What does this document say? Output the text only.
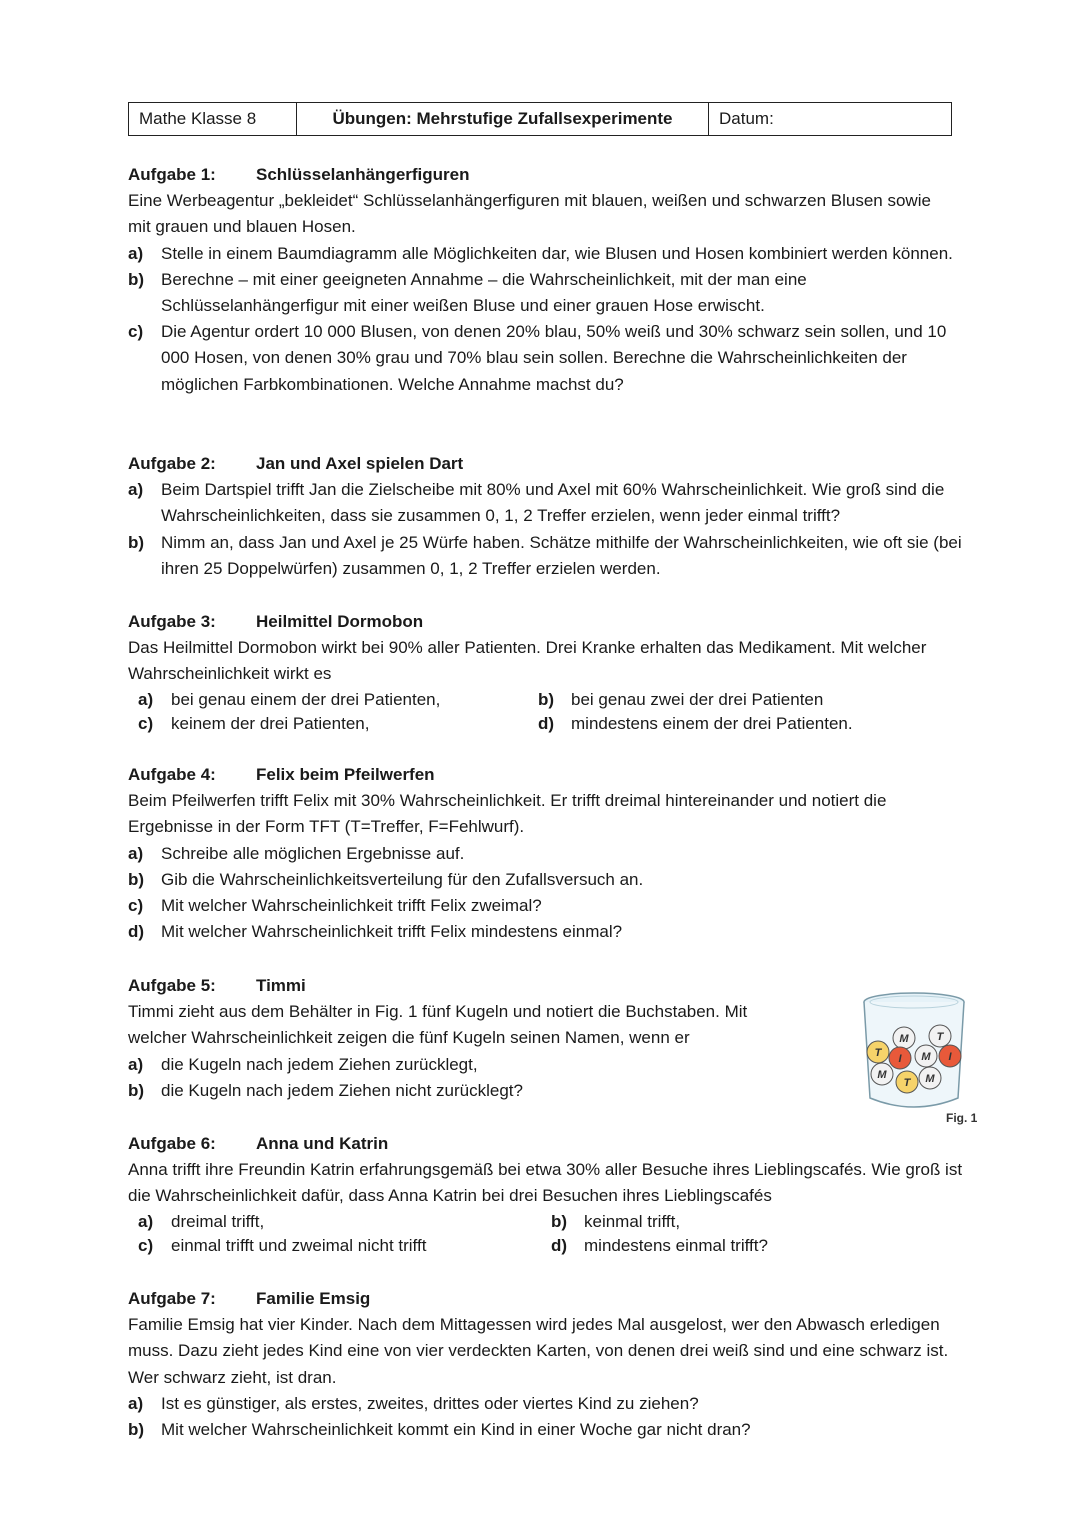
Mathe Klasse 8	Übungen: Mehrstufige Zufallsexperimente	Datum:
Aufgabe 1: Schlüsselanhängerfiguren
Eine Werbeagentur „bekleidet“ Schlüsselanhängerfiguren mit blauen, weißen und schwarzen Blusen sowie mit grauen und blauen Hosen.
a)	Stelle in einem Baumdiagramm alle Möglichkeiten dar, wie Blusen und Hosen kombiniert werden können.
b) Berechne – mit einer geeigneten Annahme – die Wahrscheinlichkeit, mit der man eine Schlüsselanhängerfigur mit einer weißen Bluse und einer grauen Hose erwischt.
c)	Die Agentur ordert 10 000 Blusen, von denen 20% blau, 50% weiß und 30% schwarz sein sollen, und 10 000 Hosen, von denen 30% grau und 70% blau sein sollen. Berechne die Wahrscheinlichkeiten der möglichen Farbkombinationen. Welche Annahme machst du?
Aufgabe 2: Jan und Axel spielen Dart
a)	Beim Dartspiel trifft Jan die Zielscheibe mit 80% und Axel mit 60% Wahrscheinlichkeit. Wie groß sind die Wahrscheinlichkeiten, dass sie zusammen 0, 1, 2 Treffer erzielen, wenn jeder einmal trifft?
b) Nimm an, dass Jan und Axel je 25 Würfe haben. Schätze mithilfe der Wahrscheinlichkeiten, wie oft sie (bei ihren 25 Doppelwürfen) zusammen 0, 1, 2 Treffer erzielen werden.
Aufgabe 3: Heilmittel Dormobon
Das Heilmittel Dormobon wirkt bei 90% aller Patienten. Drei Kranke erhalten das Medikament. Mit welcher Wahrscheinlichkeit wirkt es
a)	bei genau einem der drei Patienten,	b) bei genau zwei der drei Patienten
c)	keinem der drei Patienten,	d) mindestens einem der drei Patienten.
Aufgabe 4: Felix beim Pfeilwerfen
Beim Pfeilwerfen trifft Felix mit 30% Wahrscheinlichkeit. Er trifft dreimal hintereinander und notiert die Ergebnisse in der Form TFT (T=Treffer, F=Fehlwurf).
a)	Schreibe alle möglichen Ergebnisse auf.
b) Gib die Wahrscheinlichkeitsverteilung für den Zufallsversuch an.
c)	Mit welcher Wahrscheinlichkeit trifft Felix zweimal?
d) Mit welcher Wahrscheinlichkeit trifft Felix mindestens einmal?
Aufgabe 5: Timmi
Timmi zieht aus dem Behälter in Fig. 1 fünf Kugeln und notiert die Buchstaben. Mit welcher Wahrscheinlichkeit zeigen die fünf Kugeln seinen Namen, wenn er
a)	die Kugeln nach jedem Ziehen zurücklegt,
b) die Kugeln nach jedem Ziehen nicht zurücklegt?
M	T
T I M I
M
T M
Fig. 1
Aufgabe 6: Anna und Katrin
Anna trifft ihre Freundin Katrin erfahrungsgemäß bei etwa 30% aller Besuche ihres Lieblingscafés. Wie groß ist die Wahrscheinlichkeit dafür, dass Anna Katrin bei drei Besuchen ihres Lieblingscafés
a)	dreimal trifft,	b) keinmal trifft,
c)	einmal trifft und zweimal nicht trifft	d) mindestens einmal trifft?
Aufgabe 7: Familie Emsig
Familie Emsig hat vier Kinder. Nach dem Mittagessen wird jedes Mal ausgelost, wer den Abwasch erledigen muss. Dazu zieht jedes Kind eine von vier verdeckten Karten, von denen drei weiß sind und eine schwarz ist. Wer schwarz zieht, ist dran.
a)	Ist es günstiger, als erstes, zweites, drittes oder viertes Kind zu ziehen?
b) Mit welcher Wahrscheinlichkeit kommt ein Kind in einer Woche gar nicht dran?
